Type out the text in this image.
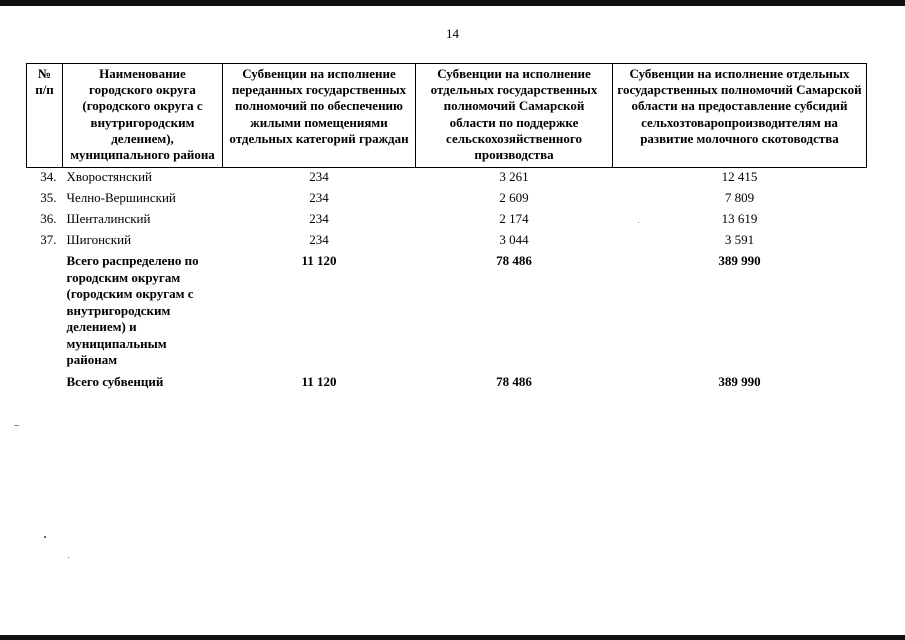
14
№
п/п	Наименование городского округа (городского округа с внутригородским делением), муниципального района	Субвенции на исполнение переданных государственных полномочий по обеспечению жилыми помещениями отдельных категорий граждан	Субвенции на исполнение отдельных государственных полномочий Самарской области по поддержке сельскохозяйственного производства	Субвенции на исполнение отдельных государственных полномочий Самарской области на предоставление субсидий сельхозтоваропроизводителям на развитие молочного скотоводства
34.	Хворостянский	234	3 261	12 415
35.	Челно-Вершинский	234	2 609	7 809
36.	Шенталинский	234	2 174	13 619
37.	Шигонский	234	3 044	3 591
	Всего распределено по городским округам (городским округам с внутригородским делением) и муниципальным районам	11 120	78 486	389 990
	Всего субвенций	11 120	78 486	389 990
